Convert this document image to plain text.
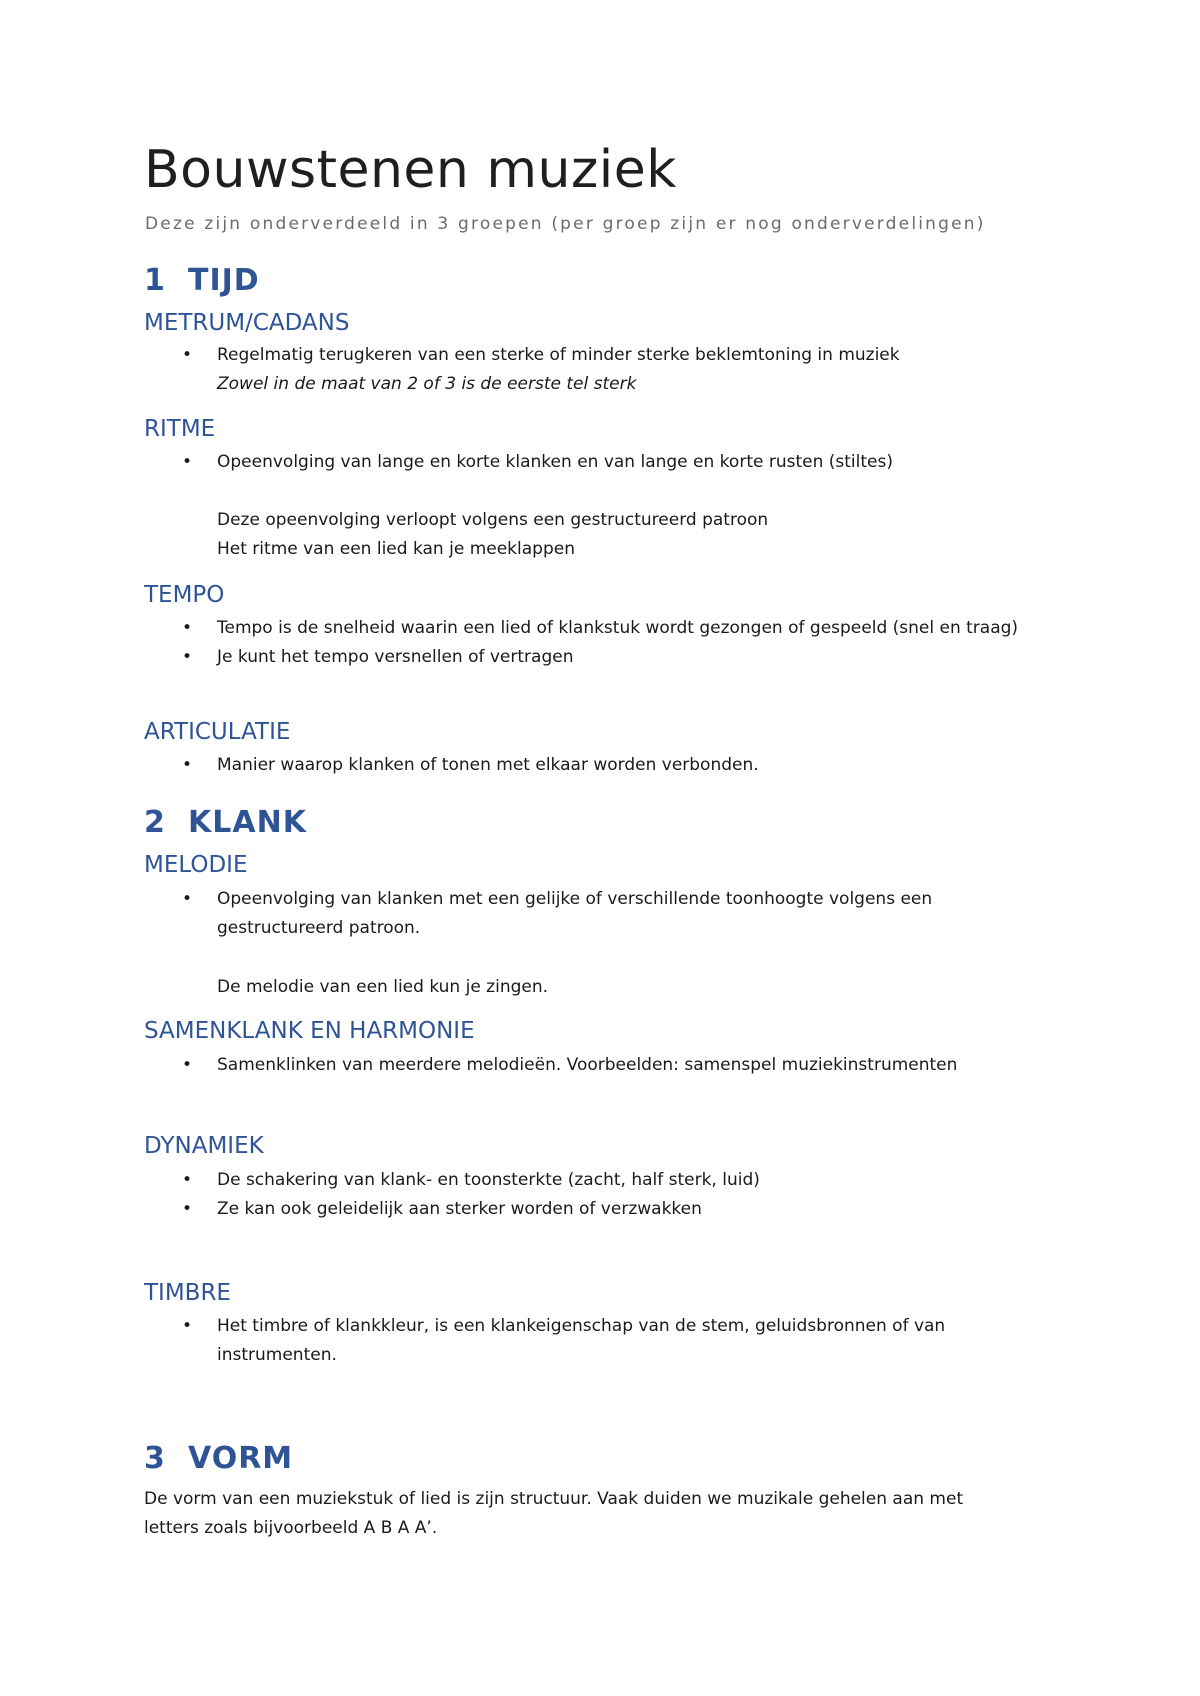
Bouwstenen muziek
Deze zijn onderverdeeld in 3 groepen (per groep zijn er nog onderverdelingen)
1 TIJD
METRUM/CADANS
• Regelmatig terugkeren van een sterke of minder sterke beklemtoning in muziek
Zowel in de maat van 2 of 3 is de eerste tel sterk
RITME
• Opeenvolging van lange en korte klanken en van lange en korte rusten (stiltes)
Deze opeenvolging verloopt volgens een gestructureerd patroon
Het ritme van een lied kan je meeklappen
TEMPO
• Tempo is de snelheid waarin een lied of klankstuk wordt gezongen of gespeeld (snel en traag)
• Je kunt het tempo versnellen of vertragen
ARTICULATIE
• Manier waarop klanken of tonen met elkaar worden verbonden.
2 KLANK
MELODIE
• Opeenvolging van klanken met een gelijke of verschillende toonhoogte volgens een
gestructureerd patroon.
De melodie van een lied kun je zingen.
SAMENKLANK EN HARMONIE
• Samenklinken van meerdere melodieën. Voorbeelden: samenspel muziekinstrumenten
DYNAMIEK
• De schakering van klank- en toonsterkte (zacht, half sterk, luid)
• Ze kan ook geleidelijk aan sterker worden of verzwakken
TIMBRE
• Het timbre of klankkleur, is een klankeigenschap van de stem, geluidsbronnen of van
instrumenten.
3 VORM
De vorm van een muziekstuk of lied is zijn structuur. Vaak duiden we muzikale gehelen aan met
letters zoals bijvoorbeeld A B A A’.
